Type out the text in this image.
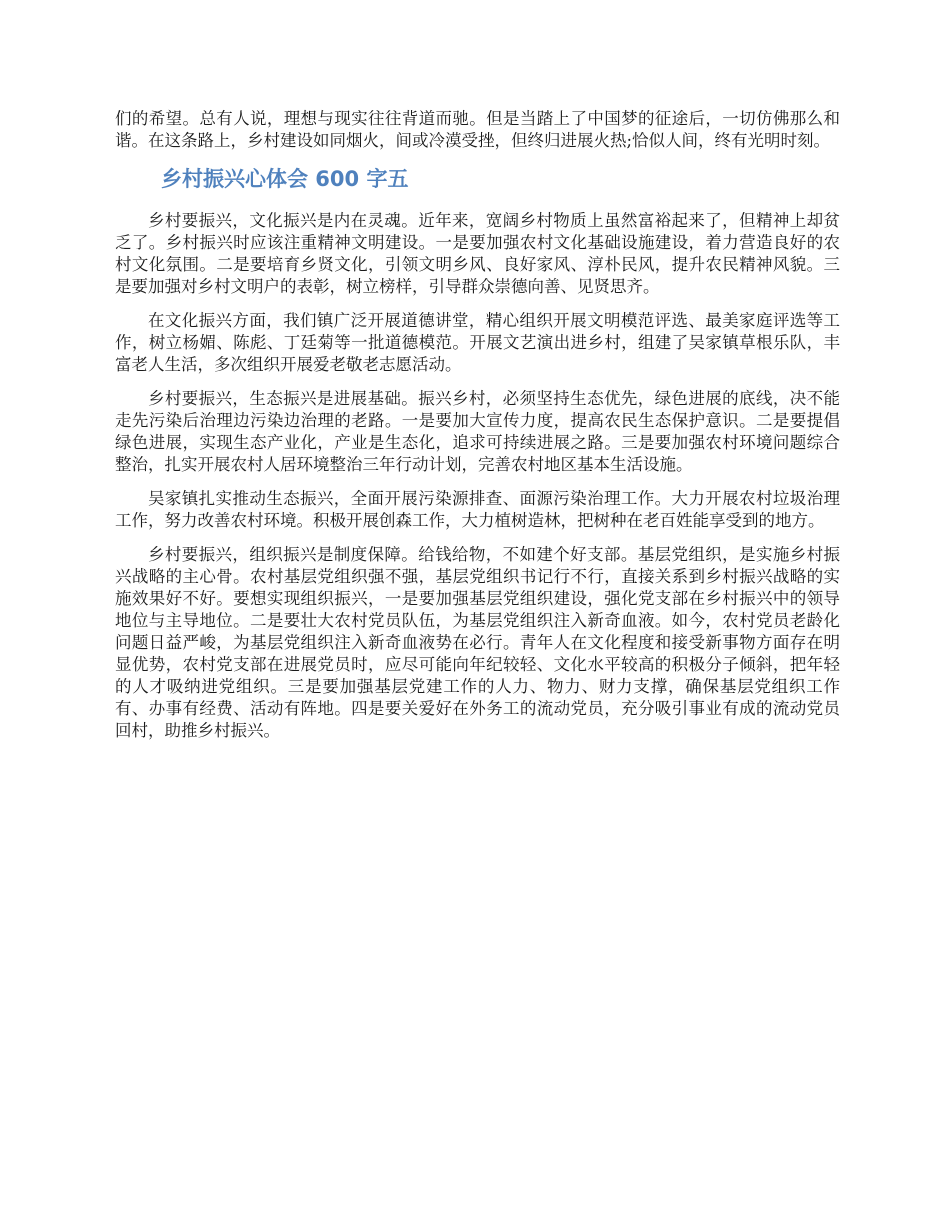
们的希望。总有人说，理想与现实往往背道而驰。但是当踏上了中国梦的征途后，一切仿佛那么和谐。在这条路上，乡村建设如同烟火，间或冷漠受挫，但终归进展火热;恰似人间，终有光明时刻。

乡村振兴心体会 600 字五

乡村要振兴，文化振兴是内在灵魂。近年来，宽阔乡村物质上虽然富裕起来了，但精神上却贫乏了。乡村振兴时应该注重精神文明建设。一是要加强农村文化基础设施建设，着力营造良好的农村文化氛围。二是要培育乡贤文化，引领文明乡风、良好家风、淳朴民风，提升农民精神风貌。三是要加强对乡村文明户的表彰，树立榜样，引导群众崇德向善、见贤思齐。

在文化振兴方面，我们镇广泛开展道德讲堂，精心组织开展文明模范评选、最美家庭评选等工作，树立杨媚、陈彪、丁廷菊等一批道德模范。开展文艺演出进乡村，组建了吴家镇草根乐队，丰富老人生活，多次组织开展爱老敬老志愿活动。

乡村要振兴，生态振兴是进展基础。振兴乡村，必须坚持生态优先，绿色进展的底线，决不能走先污染后治理边污染边治理的老路。一是要加大宣传力度，提高农民生态保护意识。二是要提倡绿色进展，实现生态产业化，产业是生态化，追求可持续进展之路。三是要加强农村环境问题综合整治，扎实开展农村人居环境整治三年行动计划，完善农村地区基本生活设施。

吴家镇扎实推动生态振兴，全面开展污染源排查、面源污染治理工作。大力开展农村垃圾治理工作，努力改善农村环境。积极开展创森工作，大力植树造林，把树种在老百姓能享受到的地方。

乡村要振兴，组织振兴是制度保障。给钱给物，不如建个好支部。基层党组织，是实施乡村振兴战略的主心骨。农村基层党组织强不强，基层党组织书记行不行，直接关系到乡村振兴战略的实施效果好不好。要想实现组织振兴，一是要加强基层党组织建设，强化党支部在乡村振兴中的领导地位与主导地位。二是要壮大农村党员队伍，为基层党组织注入新奇血液。如今，农村党员老龄化问题日益严峻，为基层党组织注入新奇血液势在必行。青年人在文化程度和接受新事物方面存在明显优势，农村党支部在进展党员时，应尽可能向年纪较轻、文化水平较高的积极分子倾斜，把年轻的人才吸纳进党组织。三是要加强基层党建工作的人力、物力、财力支撑，确保基层党组织工作有、办事有经费、活动有阵地。四是要关爱好在外务工的流动党员，充分吸引事业有成的流动党员回村，助推乡村振兴。
